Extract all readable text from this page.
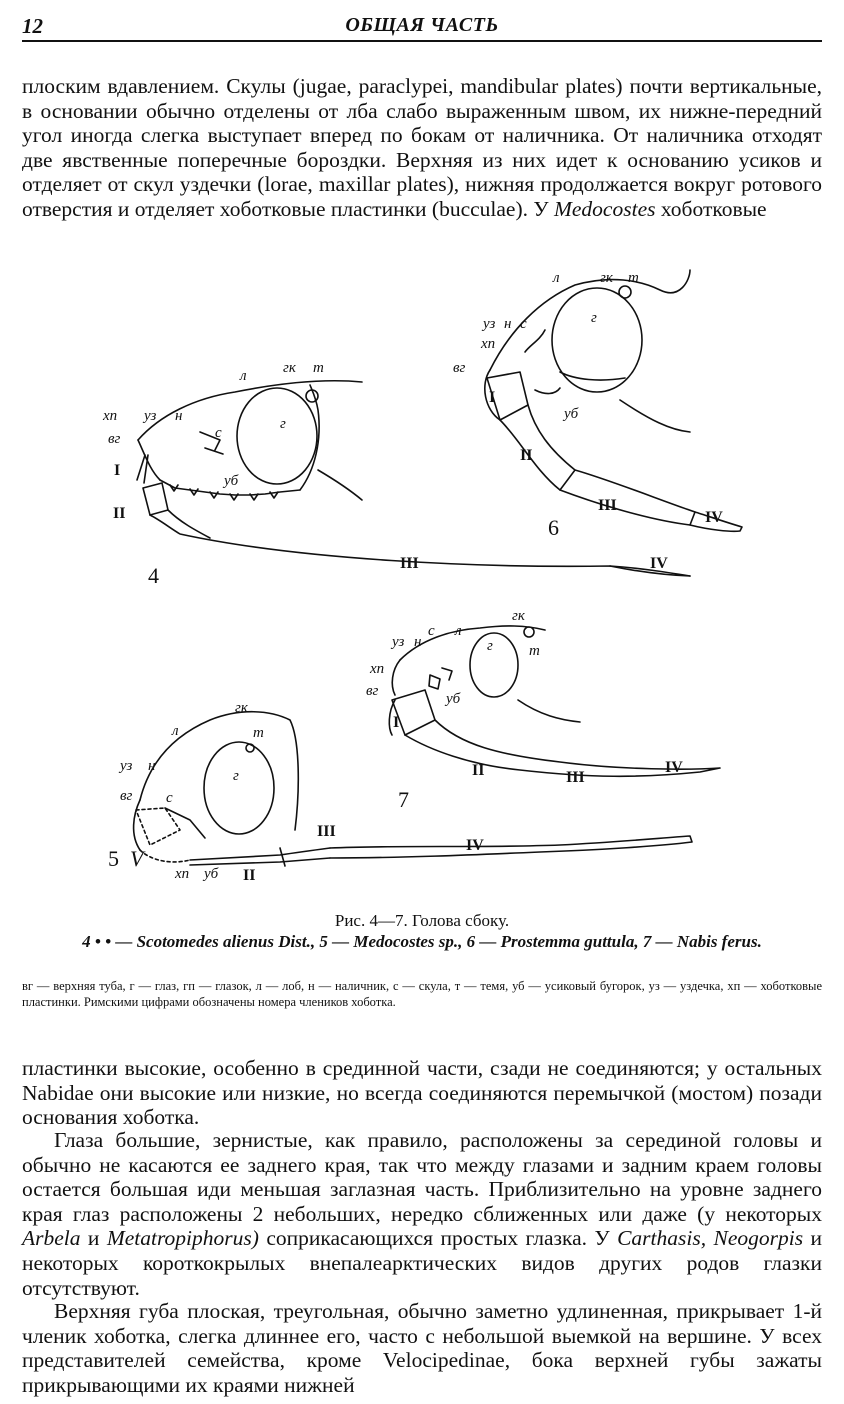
12	ОБЩАЯ ЧАСТЬ

плоским вдавлением. Скулы (jugae, paraclypei, mandibular plates) почти вертикальные, в основании обычно отделены от лба слабо выраженным швом, их нижне-передний угол иногда слегка выступает вперед по бокам от наличника. От наличника отходят две явственные поперечные бороздки. Верхняя из них идет к основанию усиков и отделяет от скул уздечки (lorae, maxillar plates), нижняя продолжается вокруг ротового отверстия и отделяет хоботковые пластинки (bucculae). У Medocostes хоботковые

хп
вг
I
II
уз н
с
л гк т
г
уб
III	IV
4
л	гк т
уз н с
хп
вг
г
уб
I
II
III
IV
6
гк
с л
уз н
хп
вг
г т
уб
I
II	III
IV
7
гк
т
л
уз н
вг с
г
хп уб II
III
IV
5 V
Рис. 4—7. Голова сбоку.
4 • • — Scotomedes alienus Dist., 5 — Medocostes sp., 6 — Prostemma guttula, 7 — Nabis ferus.
вг — верхняя туба, г — глаз, гп — глазок, л — лоб, н — наличник, с — скула, т — темя, уб — усиковый бугорок, уз — уздечка, хп — хоботковые пластинки. Римскими цифрами обозначены номера члеников хоботка.

пластинки высокие, особенно в срединной части, сзади не соединяются; у остальных Nabidae они высокие или низкие, но всегда соединяются перемычкой (мостом) позади основания хоботка.

Глаза большие, зернистые, как правило, расположены за серединой головы и обычно не касаются ее заднего края, так что между глазами и задним краем головы остается большая иди меньшая заглазная часть. Приблизительно на уровне заднего края глаз расположены 2 небольших, нередко сближенных или даже (у некоторых Arbela и Metatropiphorus) соприкасающихся простых глазка. У Carthasis, Neogorpis и некоторых короткокрылых внепалеарктических видов других родов глазки отсутствуют.

Верхняя губа плоская, треугольная, обычно заметно удлиненная, прикрывает 1-й членик хоботка, слегка длиннее его, часто с небольшой выемкой на вершине. У всех представителей семейства, кроме Velocipedinae, бока верхней губы зажаты прикрывающими их краями нижней
